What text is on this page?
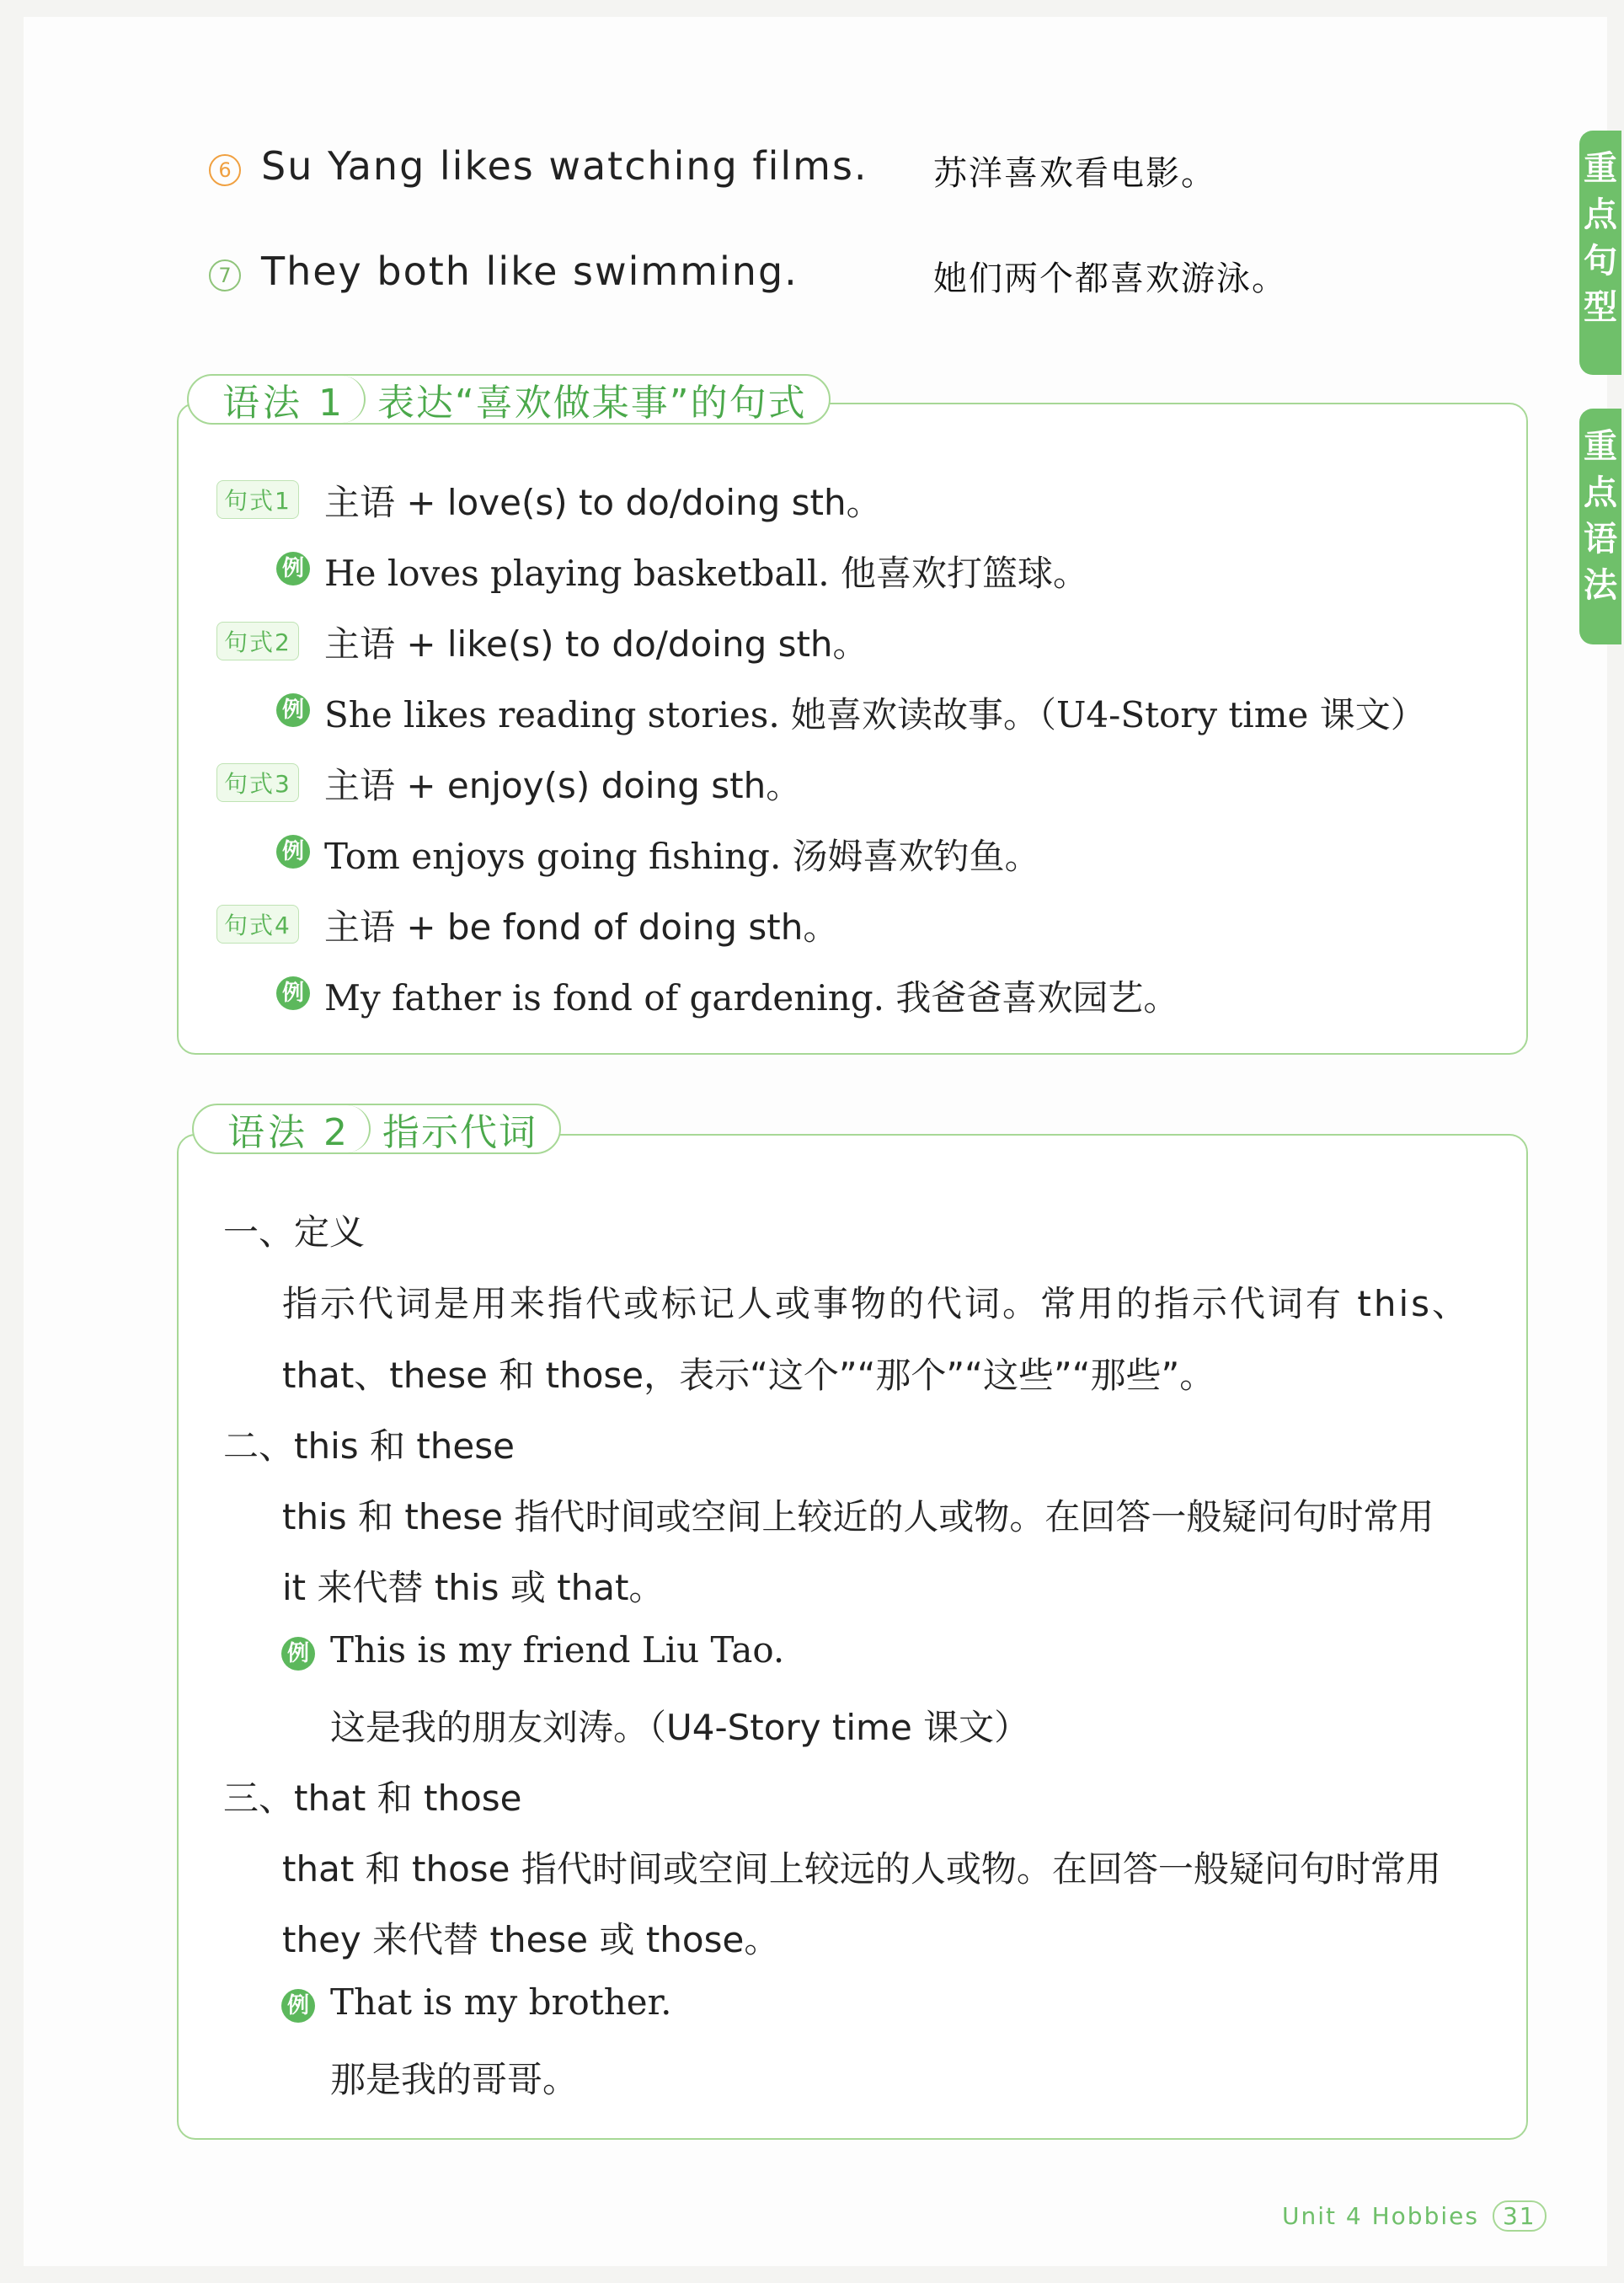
6 Su Yang likes watching films. 苏洋喜欢看电影。
7 They both like swimming.	她们两个都喜欢游泳。
重点句型
重点语法
语法 1 表达“喜欢做某事”的句式
句式1 主语 + love(s) to do/doing sth。
例 He loves playing basketball. 他喜欢打篮球。
句式2 主语 + like(s) to do/doing sth。
例 She likes reading stories. 她喜欢读故事。（U4-Story time 课文）
句式3 主语 + enjoy(s) doing sth。
例 Tom enjoys going fishing. 汤姆喜欢钓鱼。
句式4 主语 + be fond of doing sth。
例 My father is fond of gardening. 我爸爸喜欢园艺。
语法 2 指示代词
一、定义
指示代词是用来指代或标记人或事物的代词。常用的指示代词有 this、
that、these 和 those，表示“这个”“那个”“这些”“那些”。
二、this 和 these
this 和 these 指代时间或空间上较近的人或物。在回答一般疑问句时常用
it 来代替 this 或 that。
例 This is my friend Liu Tao.
这是我的朋友刘涛。（U4-Story time 课文）
三、that 和 those
that 和 those 指代时间或空间上较远的人或物。在回答一般疑问句时常用
they 来代替 these 或 those。
例 That is my brother.
那是我的哥哥。
Unit 4 Hobbies 31
